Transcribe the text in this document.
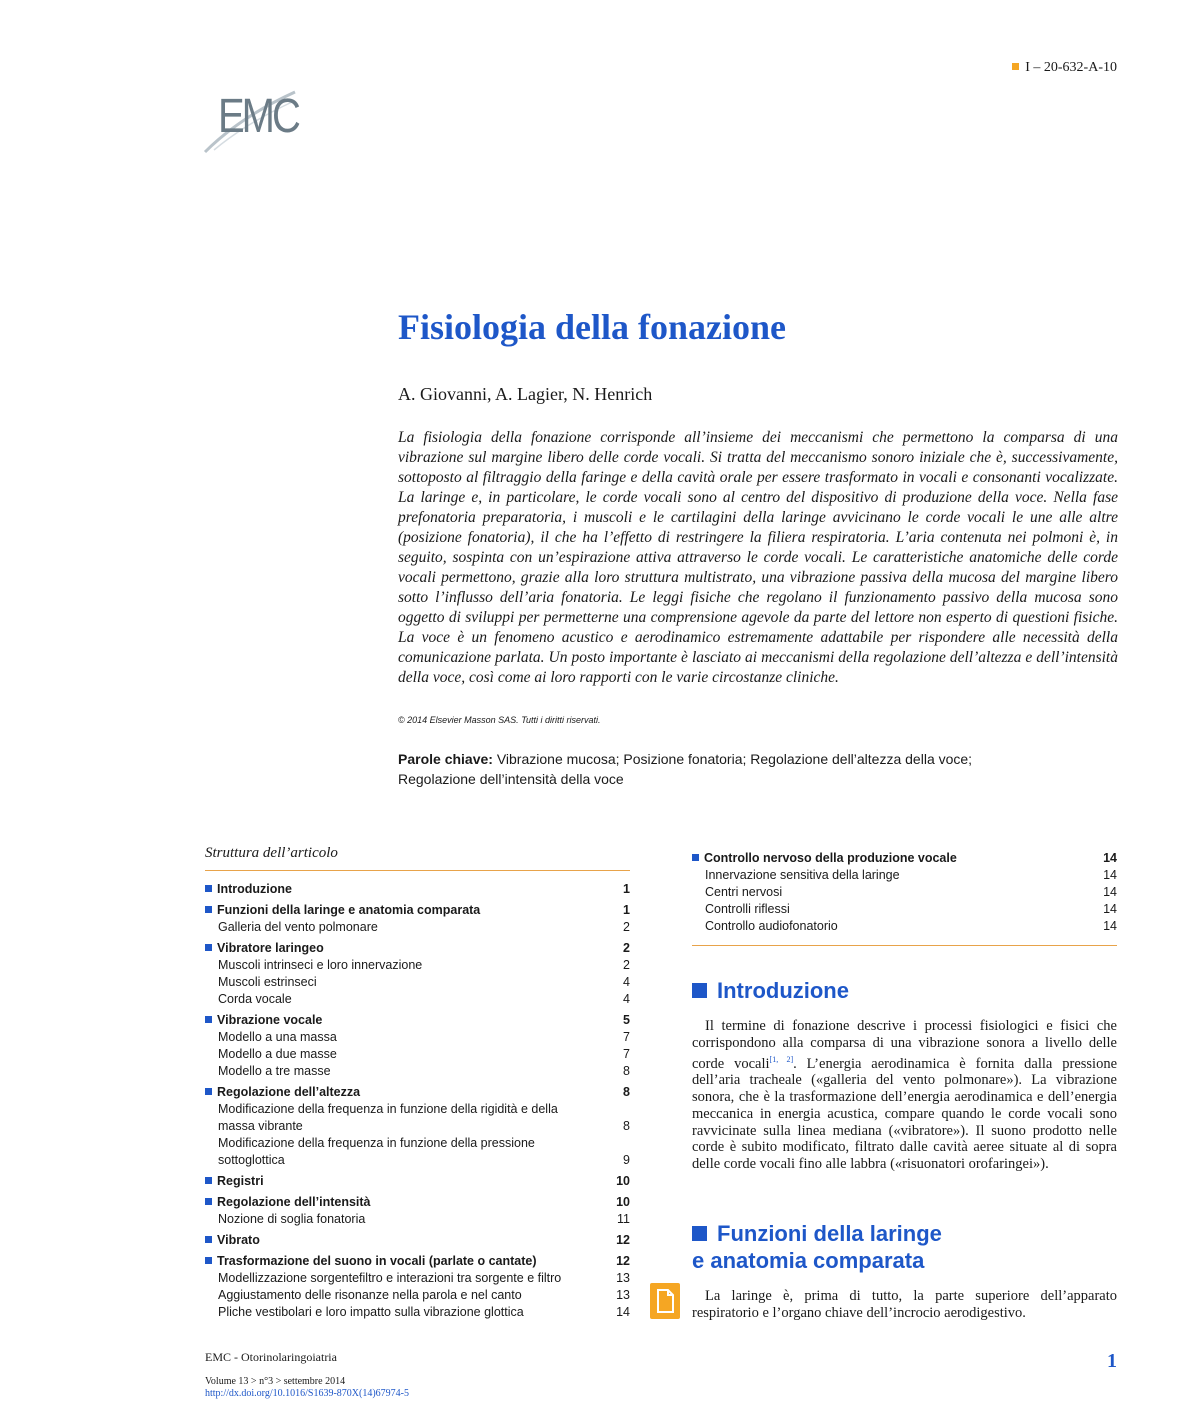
I – 20-632-A-10
EMC
Fisiologia della fonazione
A. Giovanni, A. Lagier, N. Henrich

La fisiologia della fonazione corrisponde all’insieme dei meccanismi che permettono la comparsa di una vibrazione sul margine libero delle corde vocali. Si tratta del meccanismo sonoro iniziale che è, successivamente, sottoposto al filtraggio della faringe e della cavità orale per essere trasformato in vocali e consonanti vocalizzate. La laringe e, in particolare, le corde vocali sono al centro del dispositivo di produzione della voce. Nella fase prefonatoria preparatoria, i muscoli e le cartilagini della laringe avvicinano le corde vocali le une alle altre (posizione fonatoria), il che ha l’effetto di restringere la filiera respiratoria. L’aria contenuta nei polmoni è, in seguito, sospinta con un’espirazione attiva attraverso le corde vocali. Le caratteristiche anatomiche delle corde vocali permettono, grazie alla loro struttura multistrato, una vibrazione passiva della mucosa del margine libero sotto l’influsso dell’aria fonatoria. Le leggi fisiche che regolano il funzionamento passivo della mucosa sono oggetto di sviluppi per permetterne una comprensione agevole da parte del lettore non esperto di questioni fisiche. La voce è un fenomeno acustico e aerodinamico estremamente adattabile per rispondere alle necessità della comunicazione parlata. Un posto importante è lasciato ai meccanismi della regolazione dell’altezza e dell’intensità della voce, così come ai loro rapporti con le varie circostanze cliniche.

© 2014 Elsevier Masson SAS. Tutti i diritti riservati.
Parole chiave: Vibrazione mucosa; Posizione fonatoria; Regolazione dell’altezza della voce;
Regolazione dell’intensità della voce
Struttura dell’articolo
Introduzione	1
Funzioni della laringe e anatomia comparata	1
Galleria del vento polmonare	2
Vibratore laringeo	2
Muscoli intrinseci e loro innervazione	2
Muscoli estrinseci	4
Corda vocale	4
Vibrazione vocale	5
Modello a una massa	7
Modello a due masse	7
Modello a tre masse	8
Regolazione dell’altezza	8
Modificazione della frequenza in funzione della rigidità e della massa vibrante	8
Modificazione della frequenza in funzione della pressione sottoglottica	9
Registri	10
Regolazione dell’intensità	10
Nozione di soglia fonatoria	11
Vibrato	12
Trasformazione del suono in vocali (parlate o cantate)	12
Modellizzazione sorgentefiltro e interazioni tra sorgente e filtro	13
Aggiustamento delle risonanze nella parola e nel canto	13
Pliche vestibolari e loro impatto sulla vibrazione glottica	14
Controllo nervoso della produzione vocale	14
Innervazione sensitiva della laringe	14
Centri nervosi	14
Controlli riflessi	14
Controllo audiofonatorio	14
Introduzione

Il termine di fonazione descrive i processi fisiologici e fisici che corrispondono alla comparsa di una vibrazione sonora a livello delle corde vocali[1, 2]. L’energia aerodinamica è fornita dalla pressione dell’aria tracheale («galleria del vento polmonare»). La vibrazione sonora, che è la trasformazione dell’energia aerodinamica e dell’energia meccanica in energia acustica, compare quando le corde vocali sono ravvicinate sulla linea mediana («vibratore»). Il suono prodotto nelle corde è subito modificato, filtrato dalle cavità aeree situate al di sopra delle corde vocali fino alle labbra («risuonatori orofaringei»).

Funzioni della laringe
e anatomia comparata

La laringe è, prima di tutto, la parte superiore dell’apparato respiratorio e l’organo chiave dell’incrocio aerodigestivo.

EMC - Otorinolaringoiatria
Volume 13 > n°3 > settembre 2014
http://dx.doi.org/10.1016/S1639-870X(14)67974-5
1
